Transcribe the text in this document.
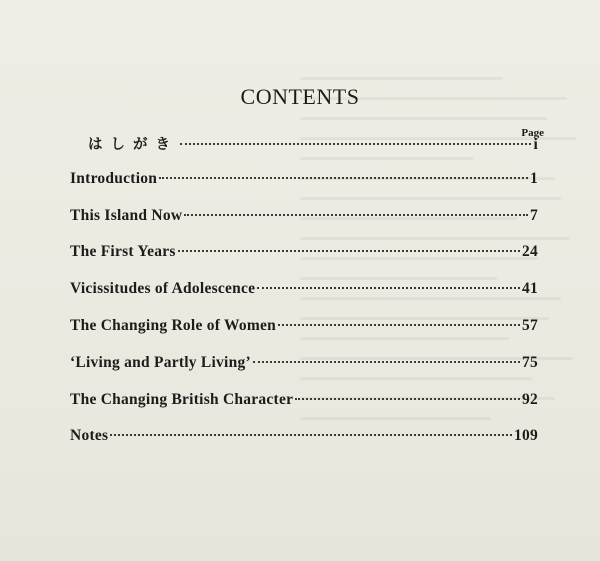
CONTENTS
Page
はしがき	i
Introduction	1
This Island Now	7
The First Years	24
Vicissitudes of Adolescence	41
The Changing Role of Women	57
‘Living and Partly Living’	75
The Changing British Character	92
Notes	109
